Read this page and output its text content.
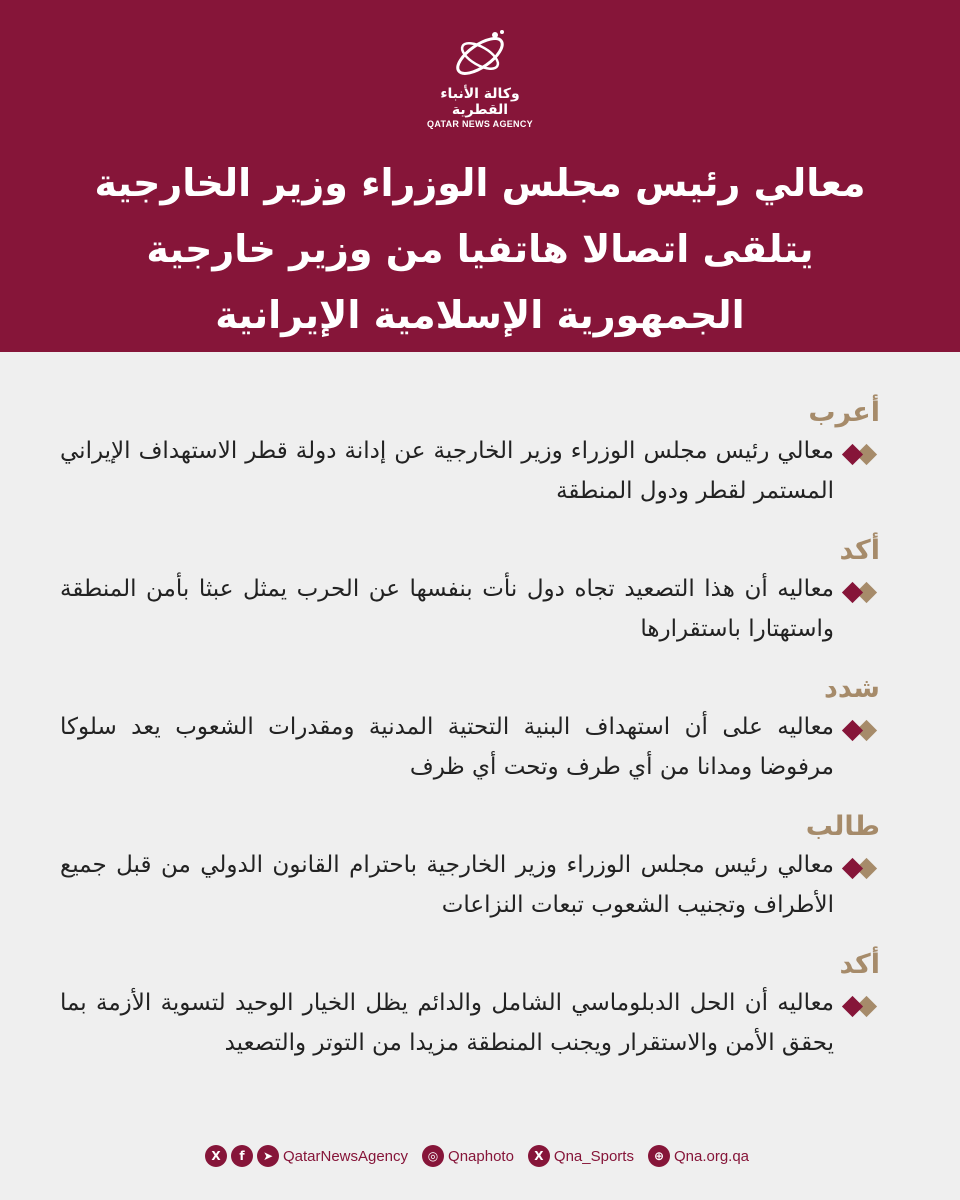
وكالة الأنباء القطرية
QATAR NEWS AGENCY
معالي رئيس مجلس الوزراء وزير الخارجية
يتلقى اتصالا هاتفيا من وزير خارجية
الجمهورية الإسلامية الإيرانية
أعرب
معالي رئيس مجلس الوزراء وزير الخارجية عن إدانة دولة قطر الاستهداف الإيراني المستمر لقطر ودول المنطقة
أكد
معاليه أن هذا التصعيد تجاه دول نأت بنفسها عن الحرب يمثل عبثا بأمن المنطقة واستهتارا باستقرارها
شدد
معاليه على أن استهداف البنية التحتية المدنية ومقدرات الشعوب يعد سلوكا مرفوضا ومدانا من أي طرف وتحت أي ظرف
طالب
معالي رئيس مجلس الوزراء وزير الخارجية باحترام القانون الدولي من قبل جميع الأطراف وتجنيب الشعوب تبعات النزاعات
أكد
معاليه أن الحل الدبلوماسي الشامل والدائم يظل الخيار الوحيد لتسوية الأزمة بما يحقق الأمن والاستقرار ويجنب المنطقة مزيدا من التوتر والتصعيد
X	f	➤ QatarNewsAgency	◎ Qnaphoto	X Qna_Sports	⊕ Qna.org.qa
